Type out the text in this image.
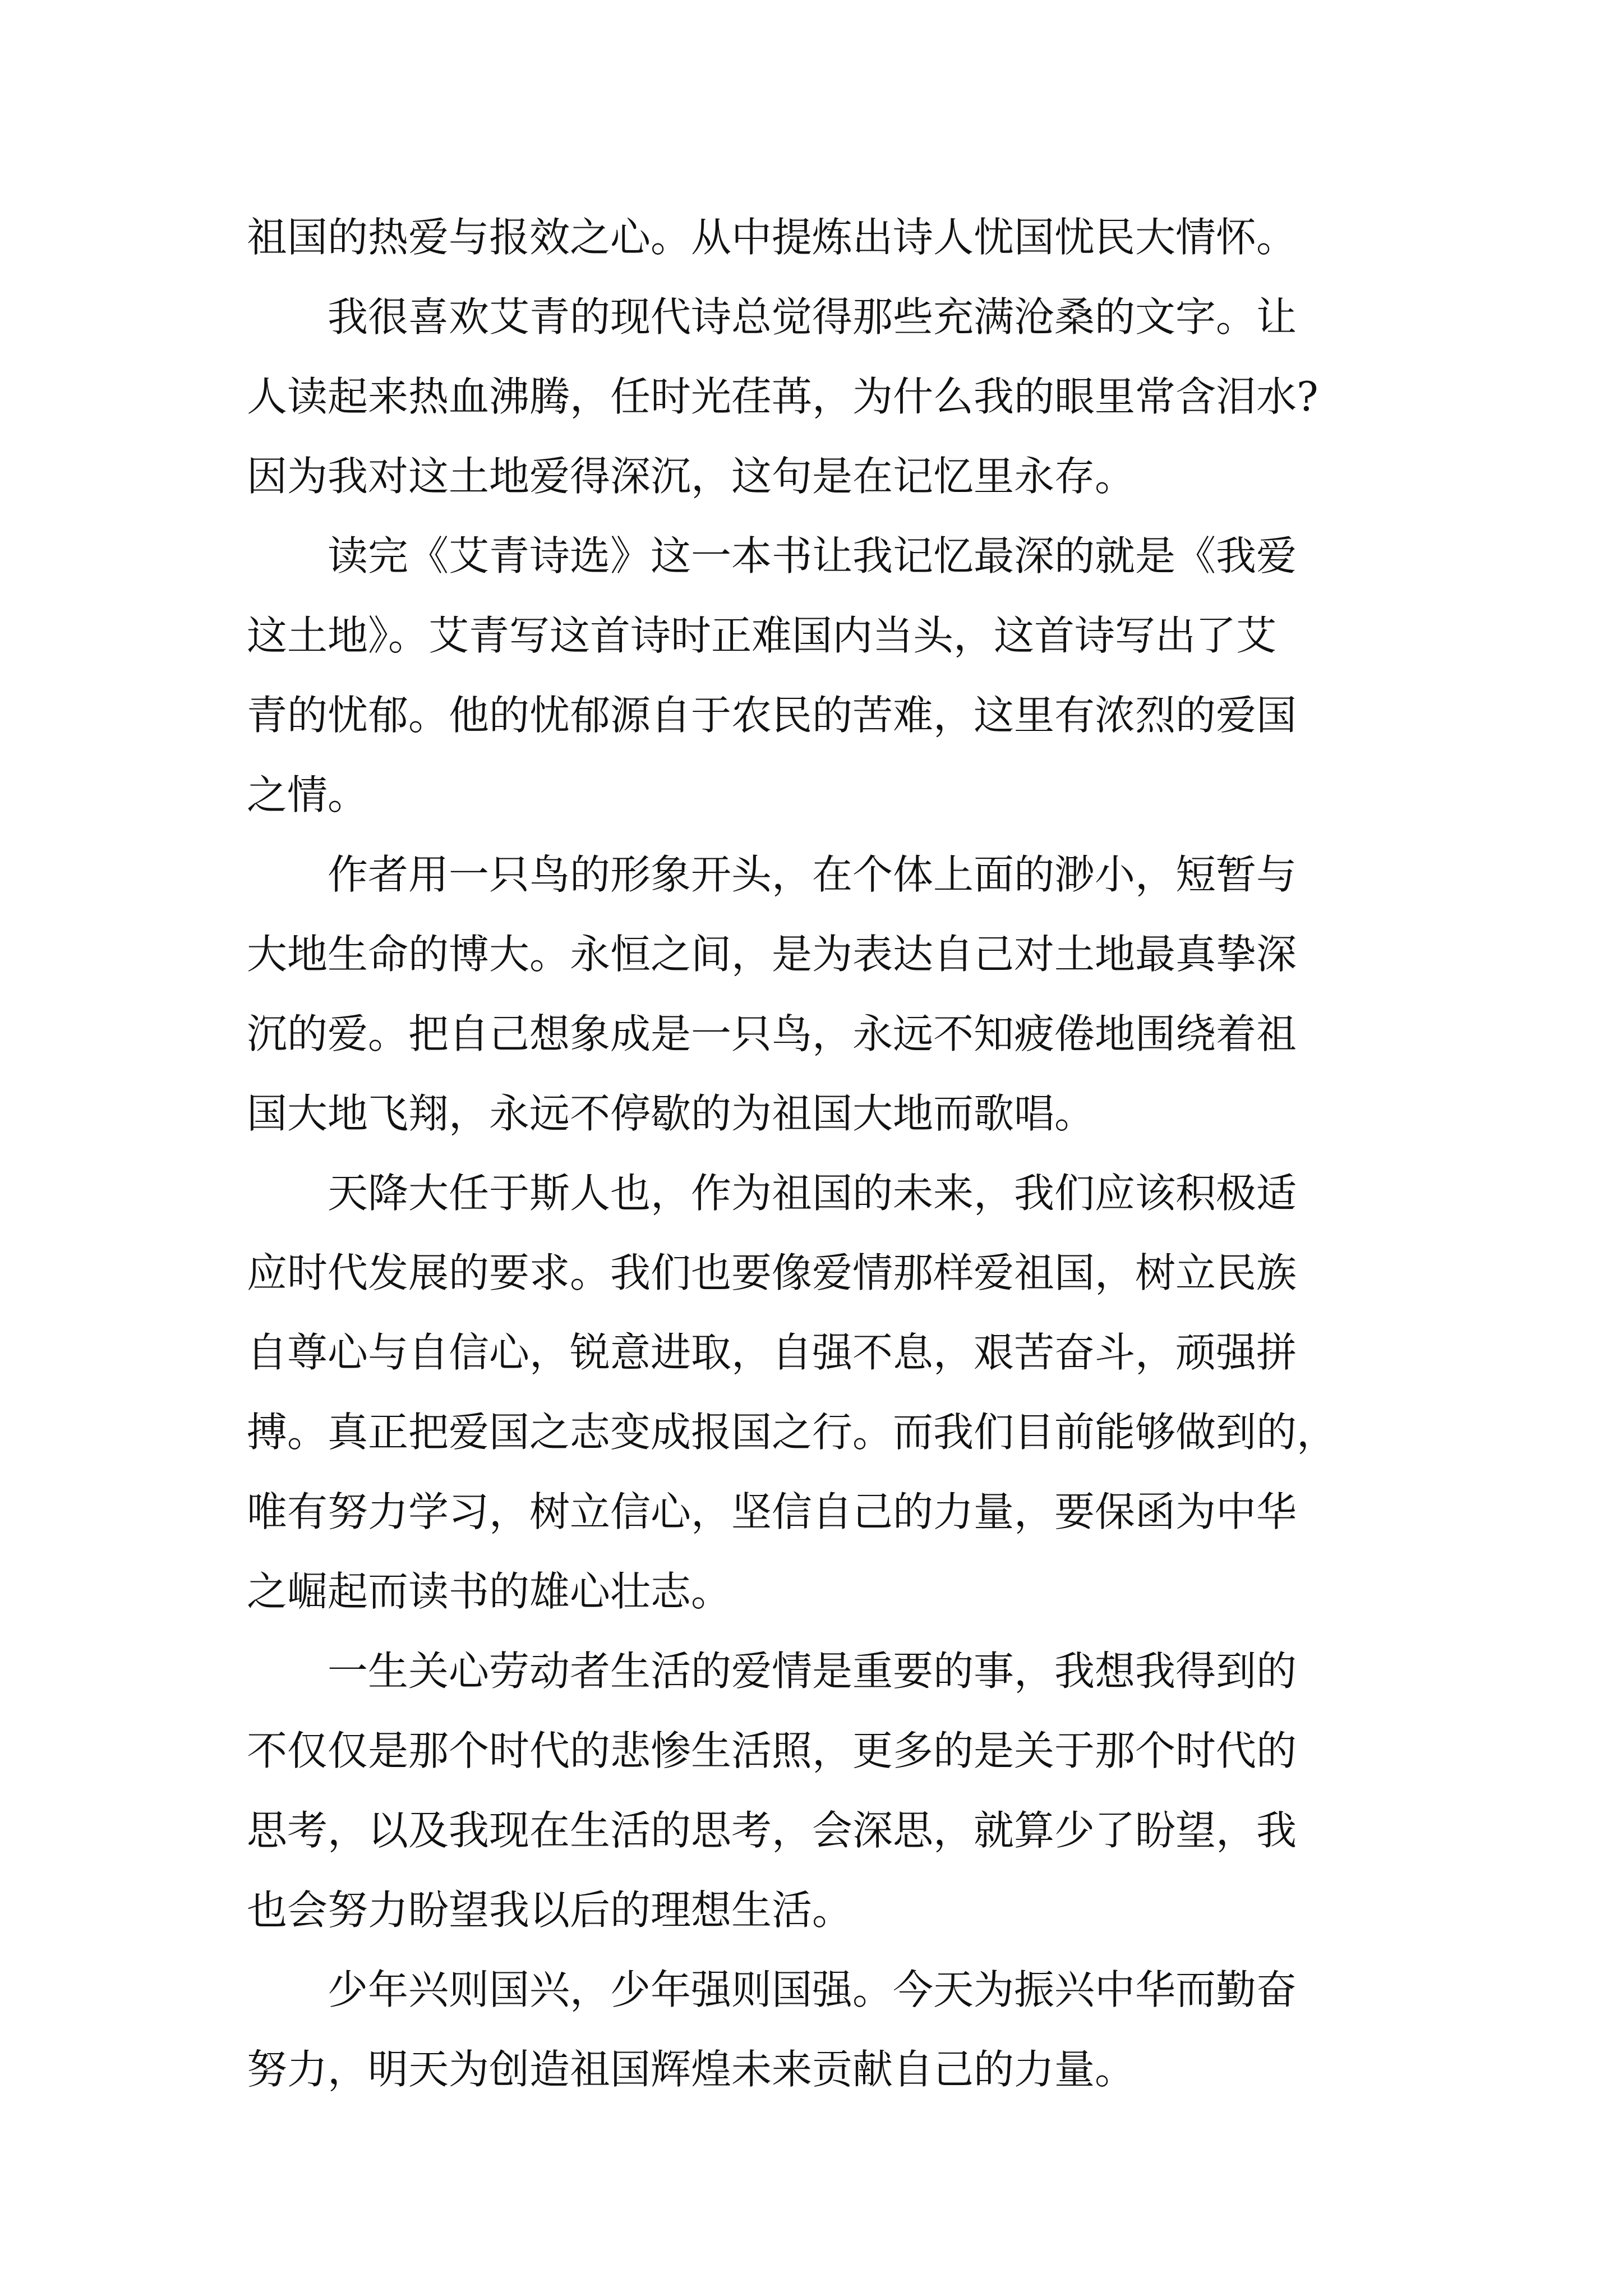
祖国的热爱与报效之心。从中提炼出诗人忧国忧民大情怀。
我很喜欢艾青的现代诗总觉得那些充满沧桑的文字。让
人读起来热血沸腾，任时光荏苒，为什么我的眼里常含泪水?
因为我对这土地爱得深沉，这句是在记忆里永存。
读完《艾青诗选》这一本书让我记忆最深的就是《我爱
这土地》。艾青写这首诗时正难国内当头，这首诗写出了艾
青的忧郁。他的忧郁源自于农民的苦难，这里有浓烈的爱国
之情。
作者用一只鸟的形象开头，在个体上面的渺小，短暂与
大地生命的博大。永恒之间，是为表达自己对土地最真挚深
沉的爱。把自己想象成是一只鸟，永远不知疲倦地围绕着祖
国大地飞翔，永远不停歇的为祖国大地而歌唱。
天降大任于斯人也，作为祖国的未来，我们应该积极适
应时代发展的要求。我们也要像爱情那样爱祖国，树立民族
自尊心与自信心，锐意进取，自强不息，艰苦奋斗，顽强拼
搏。真正把爱国之志变成报国之行。而我们目前能够做到的，
唯有努力学习，树立信心，坚信自己的力量，要保函为中华
之崛起而读书的雄心壮志。
一生关心劳动者生活的爱情是重要的事，我想我得到的
不仅仅是那个时代的悲惨生活照，更多的是关于那个时代的
思考，以及我现在生活的思考，会深思，就算少了盼望，我
也会努力盼望我以后的理想生活。
少年兴则国兴，少年强则国强。今天为振兴中华而勤奋
努力，明天为创造祖国辉煌未来贡献自己的力量。
